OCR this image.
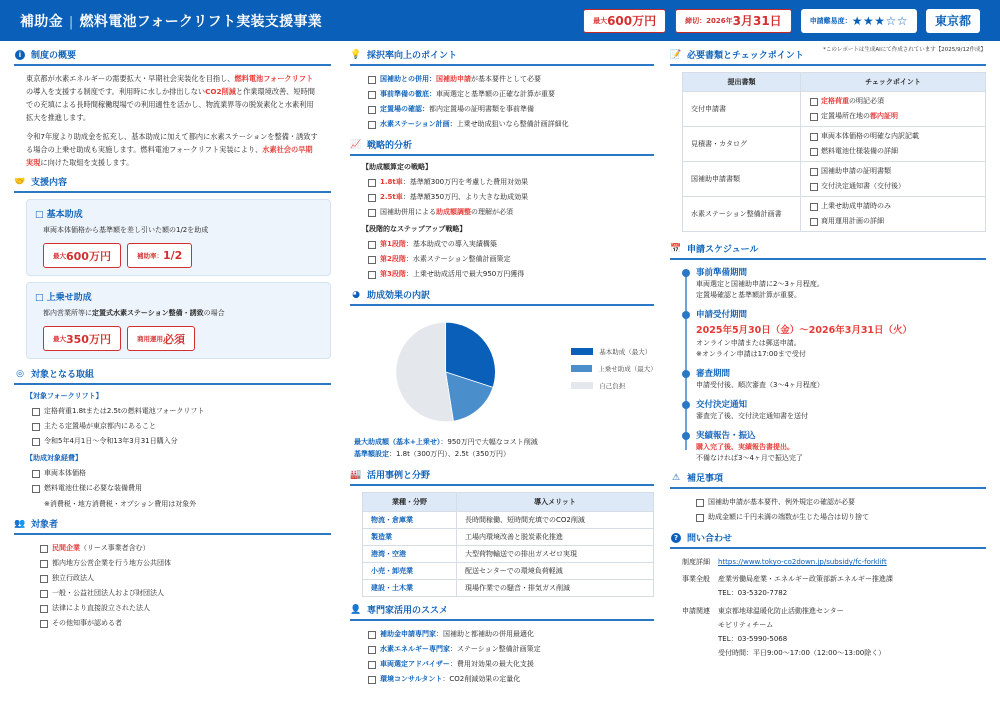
補助金 | 燃料電池フォークリフト実装支援事業	最大 600万円	締切：2026年 3月31日	申請難易度： ★★★☆☆ 東京都
*このレポートは生成AIにて作成されています【2025/9/12作成】
i	制度の概要

東京都が水素エネルギーの需要拡大・早期社会実装化を目指し、燃料電池フォークリフトの導入を支援する制度です。利用時に水しか排出しないCO2削減と作業環境改善、短時間での充填による長時間稼働現場での利用適性を活かし、物流業界等の脱炭素化と水素利用拡大を推進します。

令和7年度より助成金を拡充し、基本助成に加えて都内に水素ステーションを整備・誘致する場合の上乗せ助成も実施します。燃料電池フォークリフト実装により、水素社会の早期実現に向けた取組を支援します。

🤝 支援内容
□ 基本助成
車両本体価格から基準額を差し引いた額の1/2を助成
最大 600万円	補助率： 1/2
□ 上乗せ助成
都内営業所等に定置式水素ステーション整備・誘致の場合
最大 350万円	商用運用 必須
◎ 対象となる取組
【対象フォークリフト】
定格荷重1.8tまたは2.5tの燃料電池フォークリフト
主たる定置場が東京都内にあること
令和5年4月1日～令和13年3月31日購入分
【助成対象経費】
車両本体価格
燃料電池仕様に必要な装備費用
※消費税・地方消費税・オプション費用は対象外
👥 対象者
民間企業（リース事業者含む）
都内地方公営企業を行う地方公共団体
独立行政法人
一般・公益社団法人および財団法人
法律により直接設立された法人
その他知事が認める者
💡 採択率向上のポイント
国補助との併用：国補助申請が基本要件として必要
事前準備の徹底：車両選定と基準額の正確な計算が重要
定置場の確認：都内定置場の証明書類を事前準備
水素ステーション計画：上乗せ助成狙いなら整備計画詳細化
📈 戦略的分析
【助成額算定の戦略】
1.8t車：基準額300万円を考慮した費用対効果
2.5t車：基準額350万円、より大きな助成効果
国補助併用による助成額調整の理解が必須
【段階的なステップアップ戦略】
第1段階：基本助成での導入実績構築
第2段階：水素ステーション整備計画策定
第3段階：上乗せ助成活用で最大950万円獲得
◕ 助成効果の内訳
基本助成（最大）
上乗せ助成（最大）
自己負担
最大助成額（基本+上乗せ）：950万円で大幅なコスト削減
基準額設定：1.8t（300万円）、2.5t（350万円）
🏭 活用事例と分野
業種・分野	導入メリット
物流・倉庫業	長時間稼働、短時間充填でのCO2削減
製造業	工場内環境改善と脱炭素化推進
港湾・空港	大型荷物輸送での排出ガスゼロ実現
小売・卸売業	配送センターでの環境負荷軽減
建設・土木業	現場作業での騒音・排気ガス削減
👤 専門家活用のススメ
補助金申請専門家：国補助と都補助の併用最適化
水素エネルギー専門家：ステーション整備計画策定
車両選定アドバイザー：費用対効果の最大化支援
環境コンサルタント：CO2削減効果の定量化
📝 必要書類とチェックポイント
提出書類	チェックポイント
交付申請書	定格荷重の明記必須
定置場所在地の都内証明

見積書・カタログ	車両本体価格の明確な内訳記載
燃料電池仕様装備の詳細

国補助申請書類	国補助申請の証明書類
交付決定通知書（交付後）

水素ステーション整備計画書	上乗せ助成申請時のみ
商用運用計画の詳細
📅 申請スケジュール
事前準備期間
車両選定と国補助申請に2～3ヶ月程度。
定置場確認と基準額計算が重要。
申請受付期間
2025年5月30日（金）～2026年3月31日（火）
オンライン申請または郵送申請。
※オンライン申請は17:00まで受付
審査期間
申請受付後、順次審査（3～4ヶ月程度）
交付決定通知
審査完了後、交付決定通知書を送付
実績報告・振込
購入完了後、実績報告書提出。
不備なければ3～4ヶ月で振込完了
⚠ 補足事項
国補助申請が基本要件、例外規定の確認が必要
助成金額に千円未満の端数が生じた場合は切り捨て
? 問い合わせ
制度詳細	https://www.tokyo-co2down.jp/subsidy/fc-forklift
事業全般	産業労働局産業・エネルギー政策部新エネルギー推進課
TEL：03-5320-7782

申請関連	東京都地球温暖化防止活動推進センター
モビリティチーム
TEL：03-5990-5068
受付時間：平日9:00～17:00（12:00～13:00除く）
